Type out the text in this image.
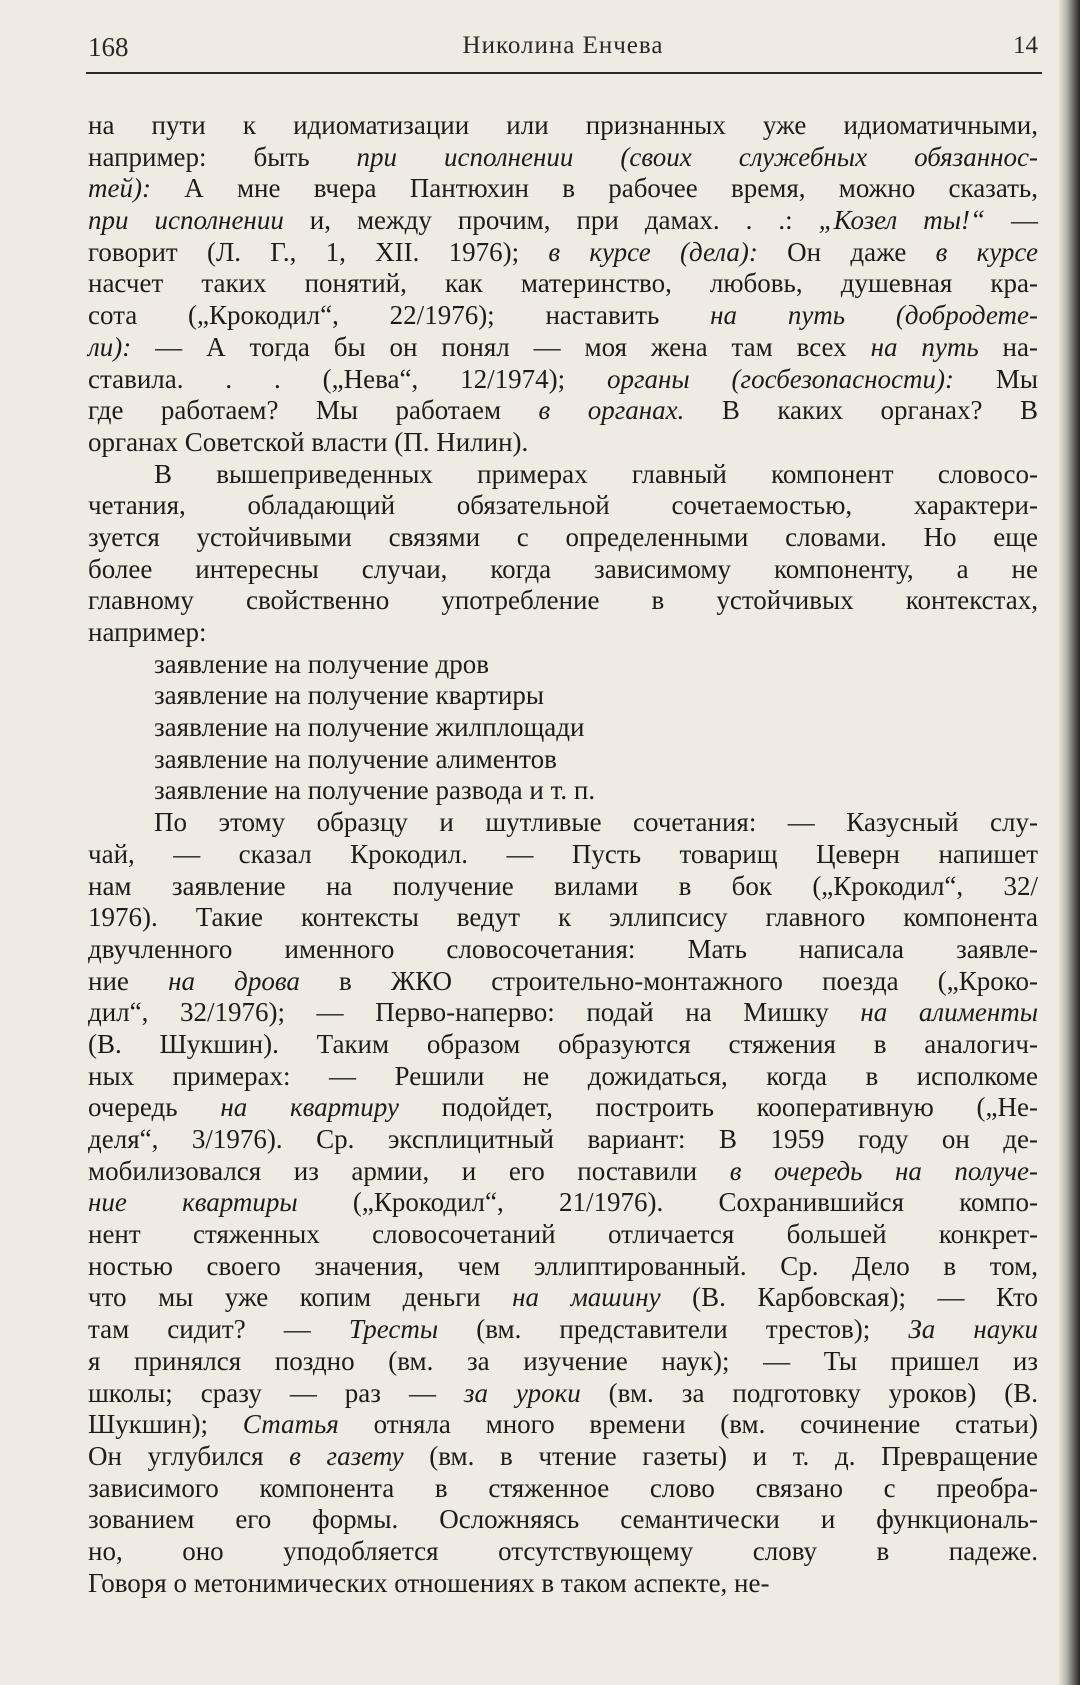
168	Николина Енчева	14
на пути к идиоматизации или признанных уже идиоматичными,
например: быть при исполнении (своих служебных обязаннос-
тей): А мне вчера Пантюхин в рабочее время, можно сказать,
при исполнении и, между прочим, при дамах. . .: „Козел ты!“ —
говорит (Л. Г., 1, XII. 1976); в курсе (дела): Он даже в курсе
насчет таких понятий, как материнство, любовь, душевная кра-
сота („Крокодил“, 22/1976); наставить на путь (добродете-
ли): — А тогда бы он понял — моя жена там всех на путь на-
ставила. . . („Нева“, 12/1974); органы (госбезопасности): Мы
где работаем? Мы работаем в органах. В каких органах? В
органах Советской власти (П. Нилин).
В вышеприведенных примерах главный компонент словосо-
четания, обладающий обязательной сочетаемостью, характери-
зуется устойчивыми связями с определенными словами. Но еще
более интересны случаи, когда зависимому компоненту, а не
главному свойственно употребление в устойчивых контекстах,
например:
заявление на получение дров
заявление на получение квартиры
заявление на получение жилплощади
заявление на получение алиментов
заявление на получение развода и т. п.
По этому образцу и шутливые сочетания: — Казусный слу-
чай, — сказал Крокодил. — Пусть товарищ Цеверн напишет
нам заявление на получение вилами в бок („Крокодил“, 32/
1976). Такие контексты ведут к эллипсису главного компонента
двучленного именного словосочетания: Мать написала заявле-
ние на дрова в ЖКО строительно-монтажного поезда („Кроко-
дил“, 32/1976); — Перво-наперво: подай на Мишку на алименты
(В. Шукшин). Таким образом образуются стяжения в аналогич-
ных примерах: — Решили не дожидаться, когда в исполкоме
очередь на квартиру подойдет, построить кооперативную („Не-
деля“, 3/1976). Ср. эксплицитный вариант: В 1959 году он де-
мобилизовался из армии, и его поставили в очередь на получе-
ние квартиры („Крокодил“, 21/1976). Сохранившийся компо-
нент стяженных словосочетаний отличается большей конкрет-
ностью своего значения, чем эллиптированный. Ср. Дело в том,
что мы уже копим деньги на машину (В. Карбовская); — Кто
там сидит? — Тресты (вм. представители трестов); За науки
я принялся поздно (вм. за изучение наук); — Ты пришел из
школы; сразу — раз — за уроки (вм. за подготовку уроков) (В.
Шукшин); Статья отняла много времени (вм. сочинение статьи)
Он углубился в газету (вм. в чтение газеты) и т. д. Превращение
зависимого компонента в стяженное слово связано с преобра-
зованием его формы. Осложняясь семантически и функциональ-
но, оно уподобляется отсутствующему слову в падеже.
Говоря о метонимических отношениях в таком аспекте, не-
